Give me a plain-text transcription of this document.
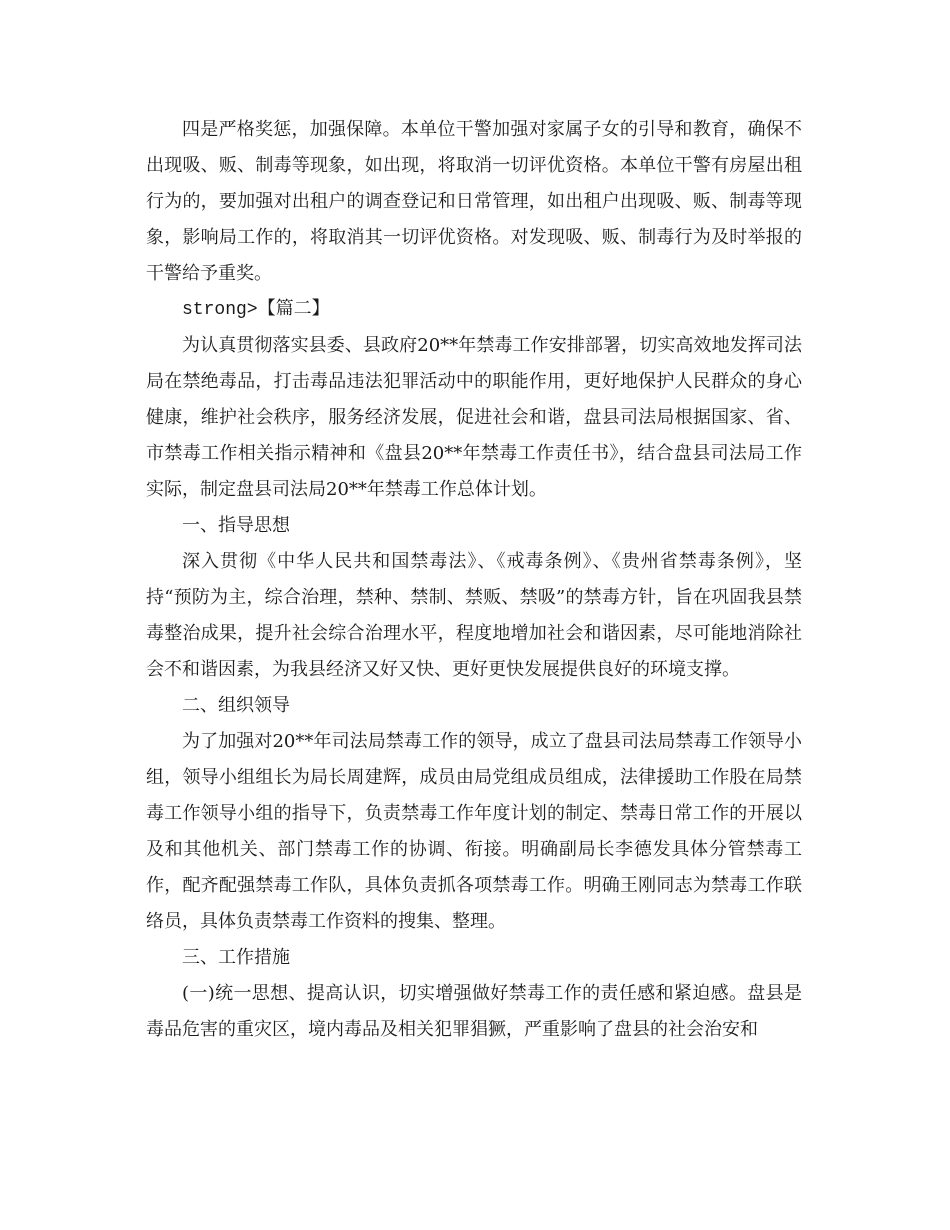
四是严格奖惩，加强保障。本单位干警加强对家属子女的引导和教育，确保不出现吸、贩、制毒等现象，如出现，将取消一切评优资格。本单位干警有房屋出租行为的，要加强对出租户的调查登记和日常管理，如出租户出现吸、贩、制毒等现象，影响局工作的，将取消其一切评优资格。对发现吸、贩、制毒行为及时举报的干警给予重奖。

strong>【篇二】

为认真贯彻落实县委、县政府20**年禁毒工作安排部署，切实高效地发挥司法局在禁绝毒品，打击毒品违法犯罪活动中的职能作用，更好地保护人民群众的身心健康，维护社会秩序，服务经济发展，促进社会和谐，盘县司法局根据国家、省、市禁毒工作相关指示精神和《盘县20**年禁毒工作责任书》，结合盘县司法局工作实际，制定盘县司法局20**年禁毒工作总体计划。

一、指导思想

深入贯彻《中华人民共和国禁毒法》、《戒毒条例》、《贵州省禁毒条例》，坚持“预防为主，综合治理，禁种、禁制、禁贩、禁吸”的禁毒方针，旨在巩固我县禁毒整治成果，提升社会综合治理水平，程度地增加社会和谐因素，尽可能地消除社会不和谐因素，为我县经济又好又快、更好更快发展提供良好的环境支撑。

二、组织领导

为了加强对20**年司法局禁毒工作的领导，成立了盘县司法局禁毒工作领导小组，领导小组组长为局长周建辉，成员由局党组成员组成，法律援助工作股在局禁毒工作领导小组的指导下，负责禁毒工作年度计划的制定、禁毒日常工作的开展以及和其他机关、部门禁毒工作的协调、衔接。明确副局长李德发具体分管禁毒工作，配齐配强禁毒工作队，具体负责抓各项禁毒工作。明确王刚同志为禁毒工作联络员，具体负责禁毒工作资料的搜集、整理。

三、工作措施

(一)统一思想、提高认识，切实增强做好禁毒工作的责任感和紧迫感。盘县是毒品危害的重灾区，境内毒品及相关犯罪猖獗，严重影响了盘县的社会治安和
